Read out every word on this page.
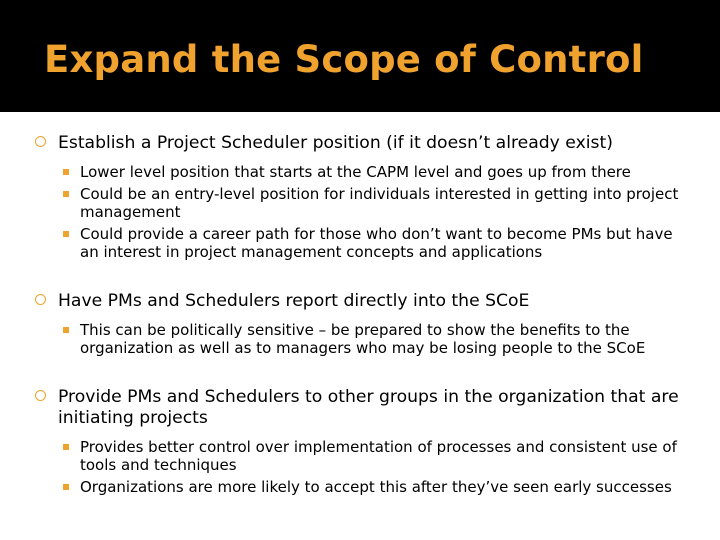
Expand the Scope of Control
Establish a Project Scheduler position (if it doesn’t already exist)
Lower level position that starts at the CAPM level and goes up from there
Could be an entry-level position for individuals interested in getting into project management
Could provide a career path for those who don’t want to become PMs but have an interest in project management concepts and applications
Have PMs and Schedulers report directly into the SCoE
This can be politically sensitive – be prepared to show the benefits to the organization as well as to managers who may be losing people to the SCoE
Provide PMs and Schedulers to other groups in the organization that are initiating projects
Provides better control over implementation of processes and consistent use of tools and techniques
Organizations are more likely to accept this after they’ve seen early successes
